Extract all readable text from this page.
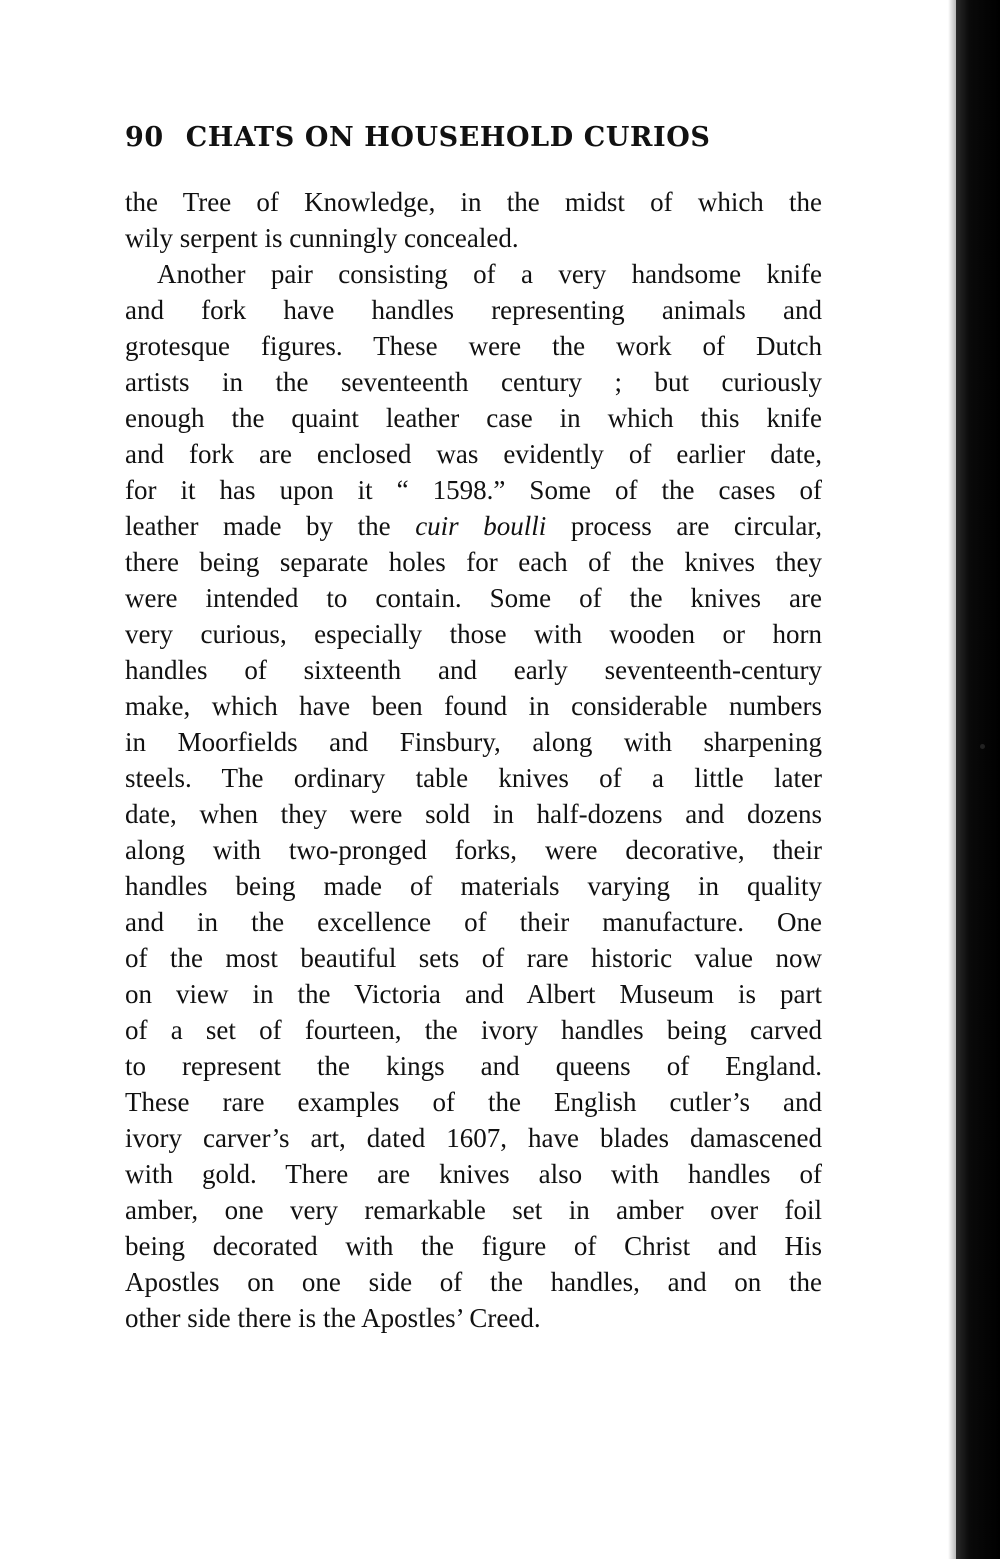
90 CHATS ON HOUSEHOLD CURIOS
the Tree of Knowledge, in the midst of which the
wily serpent is cunningly concealed.
Another pair consisting of a very handsome knife
and fork have handles representing animals and
grotesque figures. These were the work of Dutch
artists in the seventeenth century ; but curiously
enough the quaint leather case in which this knife
and fork are enclosed was evidently of earlier date,
for it has upon it “ 1598.” Some of the cases of
leather made by the cuir boulli process are circular,
there being separate holes for each of the knives they
were intended to contain. Some of the knives are
very curious, especially those with wooden or horn
handles of sixteenth and early seventeenth-century
make, which have been found in considerable numbers
in Moorfields and Finsbury, along with sharpening
steels. The ordinary table knives of a little later
date, when they were sold in half-dozens and dozens
along with two-pronged forks, were decorative, their
handles being made of materials varying in quality
and in the excellence of their manufacture. One
of the most beautiful sets of rare historic value now
on view in the Victoria and Albert Museum is part
of a set of fourteen, the ivory handles being carved
to represent the kings and queens of England.
These rare examples of the English cutler’s and
ivory carver’s art, dated 1607, have blades damascened
with gold. There are knives also with handles of
amber, one very remarkable set in amber over foil
being decorated with the figure of Christ and His
Apostles on one side of the handles, and on the
other side there is the Apostles’ Creed.
